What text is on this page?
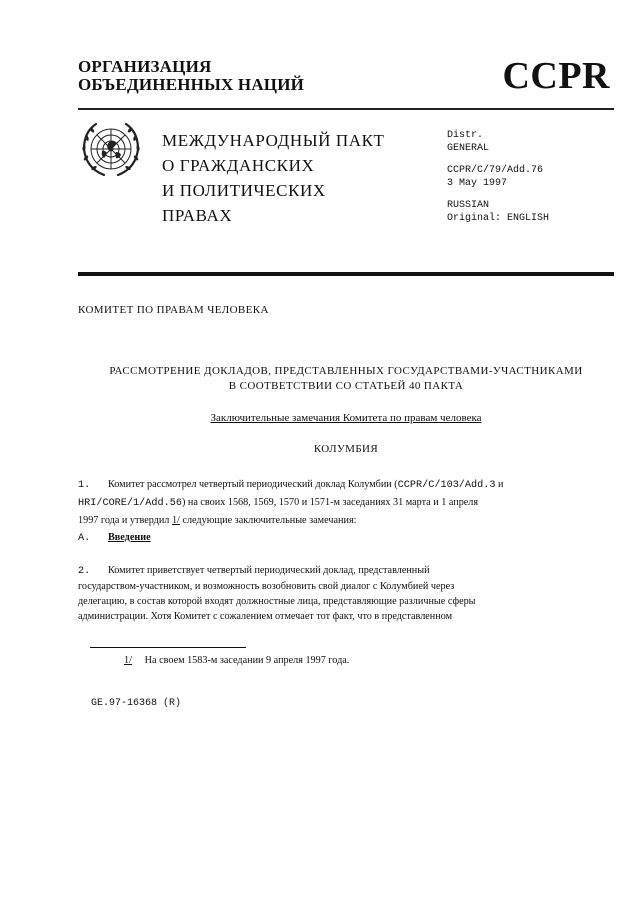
ОРГАНИЗАЦИЯ
ОБЪЕДИНЕННЫХ НАЦИЙ	CCPR
МЕЖДУНАРОДНЫЙ ПАКТ
О ГРАЖДАНСКИХ
И ПОЛИТИЧЕСКИХ
ПРАВАХ
Distr.
GENERAL
CCPR/C/79/Add.76
3 May 1997
RUSSIAN
Original: ENGLISH
КОМИТЕТ ПО ПРАВАМ ЧЕЛОВЕКА
РАССМОТРЕНИЕ ДОКЛАДОВ, ПРЕДСТАВЛЕННЫХ ГОСУДАРСТВАМИ-УЧАСТНИКАМИ
В СООТВЕТСТВИИ СО СТАТЬЕЙ 40 ПАКТА
Заключительные замечания Комитета по правам человека
КОЛУМБИЯ
1. Комитет рассмотрел четвертый периодический доклад Колумбии (CCPR/C/103/Add.3 и
HRI/CORE/1/Add.56) на своих 1568, 1569, 1570 и 1571-м заседаниях 31 марта и 1 апреля
1997 года и утвердил 1/ следующие заключительные замечания:
A. Введение
2. Комитет приветствует четвертый периодический доклад, представленный
государством-участником, и возможность возобновить свой диалог с Колумбией через
делегацию, в состав которой входят должностные лица, представляющие различные сферы
администрации. Хотя Комитет с сожалением отмечает тот факт, что в представленном
1/ На своем 1583-м заседании 9 апреля 1997 года.
GE.97-16368 (R)
